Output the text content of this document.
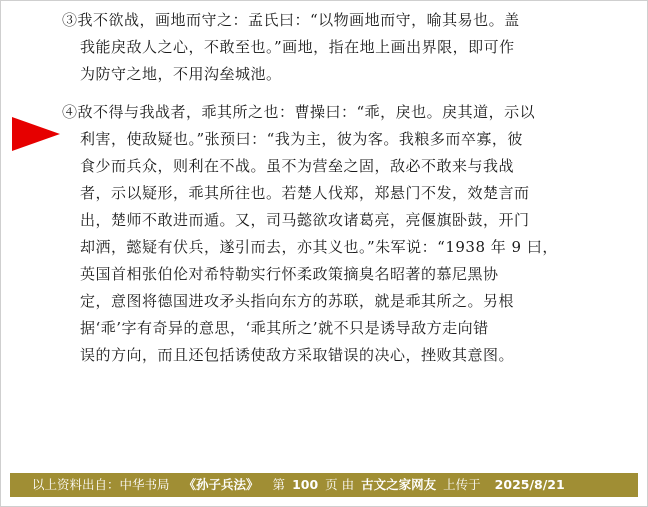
③我不欲战，画地而守之：孟氏曰：“以物画地而守，喻其易也。盖
我能戾敌人之心，不敢至也。”画地，指在地上画出界限，即可作
为防守之地，不用沟垒城池。
④敌不得与我战者，乖其所之也：曹操曰：“乖，戾也。戾其道，示以
利害，使敌疑也。”张预曰：“我为主，彼为客。我粮多而卒寡，彼
食少而兵众，则利在不战。虽不为营垒之固，敌必不敢来与我战
者，示以疑形，乖其所往也。若楚人伐郑，郑悬门不发，效楚言而
出，楚师不敢进而遁。又，司马懿欲攻诸葛亮，亮偃旗卧鼓，开门
却洒，懿疑有伏兵，遂引而去，亦其义也。”朱军说：“1938 年 9 曰，
英国首相张伯伦对希特勒实行怀柔政策摘臭名昭著的慕尼黑协
定，意图将德国进攻矛头指向东方的苏联，就是乖其所之。另根
据‘乖’字有奇异的意思，‘乖其所之’就不只是诱导敌方走向错
误的方向，而且还包括诱使敌方采取错误的决心，挫败其意图。
以上资料出自： 中华书局 《孙子兵法》 第 100 页 由 古文之家网友 上传于 2025/8/21
